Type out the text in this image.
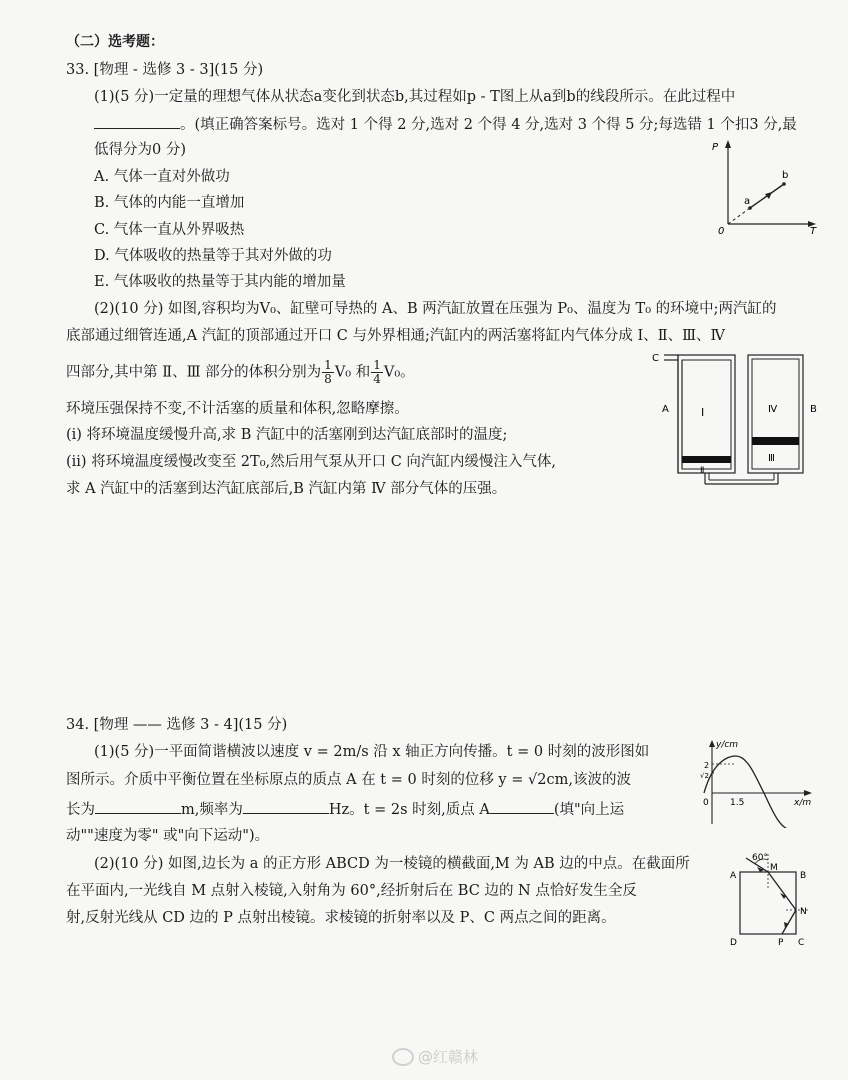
（二）选考题：
33. [物理 - 选修 3 - 3](15 分)
(1)(5 分)一定量的理想气体从状态a变化到状态b,其过程如p - T图上从a到b的线段所示。在此过程中
。(填正确答案标号。选对 1 个得 2 分,选对 2 个得 4 分,选对 3 个得 5 分;每选错 1 个扣3 分,最
低得分为0 分)
A. 气体一直对外做功
B. 气体的内能一直增加
C. 气体一直从外界吸热
D. 气体吸收的热量等于其对外做的功
E. 气体吸收的热量等于其内能的增加量
(2)(10 分) 如图,容积均为V₀、缸壁可导热的 A、B 两汽缸放置在压强为 P₀、温度为 T₀ 的环境中;两汽缸的
底部通过细管连通,A 汽缸的顶部通过开口 C 与外界相通;汽缸内的两活塞将缸内气体分成 Ⅰ、Ⅱ、Ⅲ、Ⅳ
四部分,其中第 Ⅱ、Ⅲ 部分的体积分别为 $\frac{1}{8} V_0$ 和 $\frac{1}{4} V_0$。
环境压强保持不变,不计活塞的质量和体积,忽略摩擦。
(i) 将环境温度缓慢升高,求 B 汽缸中的活塞刚到达汽缸底部时的温度;
(ii) 将环境温度缓慢改变至 2T₀,然后用气泵从开口 C 向汽缸内缓慢注入气体,
求 A 汽缸中的活塞到达汽缸底部后,B 汽缸内第 Ⅳ 部分气体的压强。
P
T
0
a
b
C
A	B
Ⅰ
Ⅱ
Ⅲ
Ⅳ
34. [物理 —— 选修 3 - 4](15 分)
(1)(5 分)一平面简谐横波以速度 v = 2m/s 沿 x 轴正方向传播。t = 0 时刻的波形图如
图所示。介质中平衡位置在坐标原点的质点 A 在 t = 0 时刻的位移 y = √2cm,该波的波
长为	m,频率为	Hz。t = 2s 时刻,质点 A	(填"向上运
动""速度为零" 或"向下运动")。
(2)(10 分) 如图,边长为 a 的正方形 ABCD 为一棱镜的横截面,M 为 AB 边的中点。在截面所
在平面内,一光线自 M 点射入棱镜,入射角为 60°,经折射后在 BC 边的 N 点恰好发生全反
射,反射光线从 CD 边的 P 点射出棱镜。求棱镜的折射率以及 P、C 两点之间的距离。
y/cm
2
√2
0 1.5	x/m
60°
A	B
C
D
M
N
P
@红赣林
